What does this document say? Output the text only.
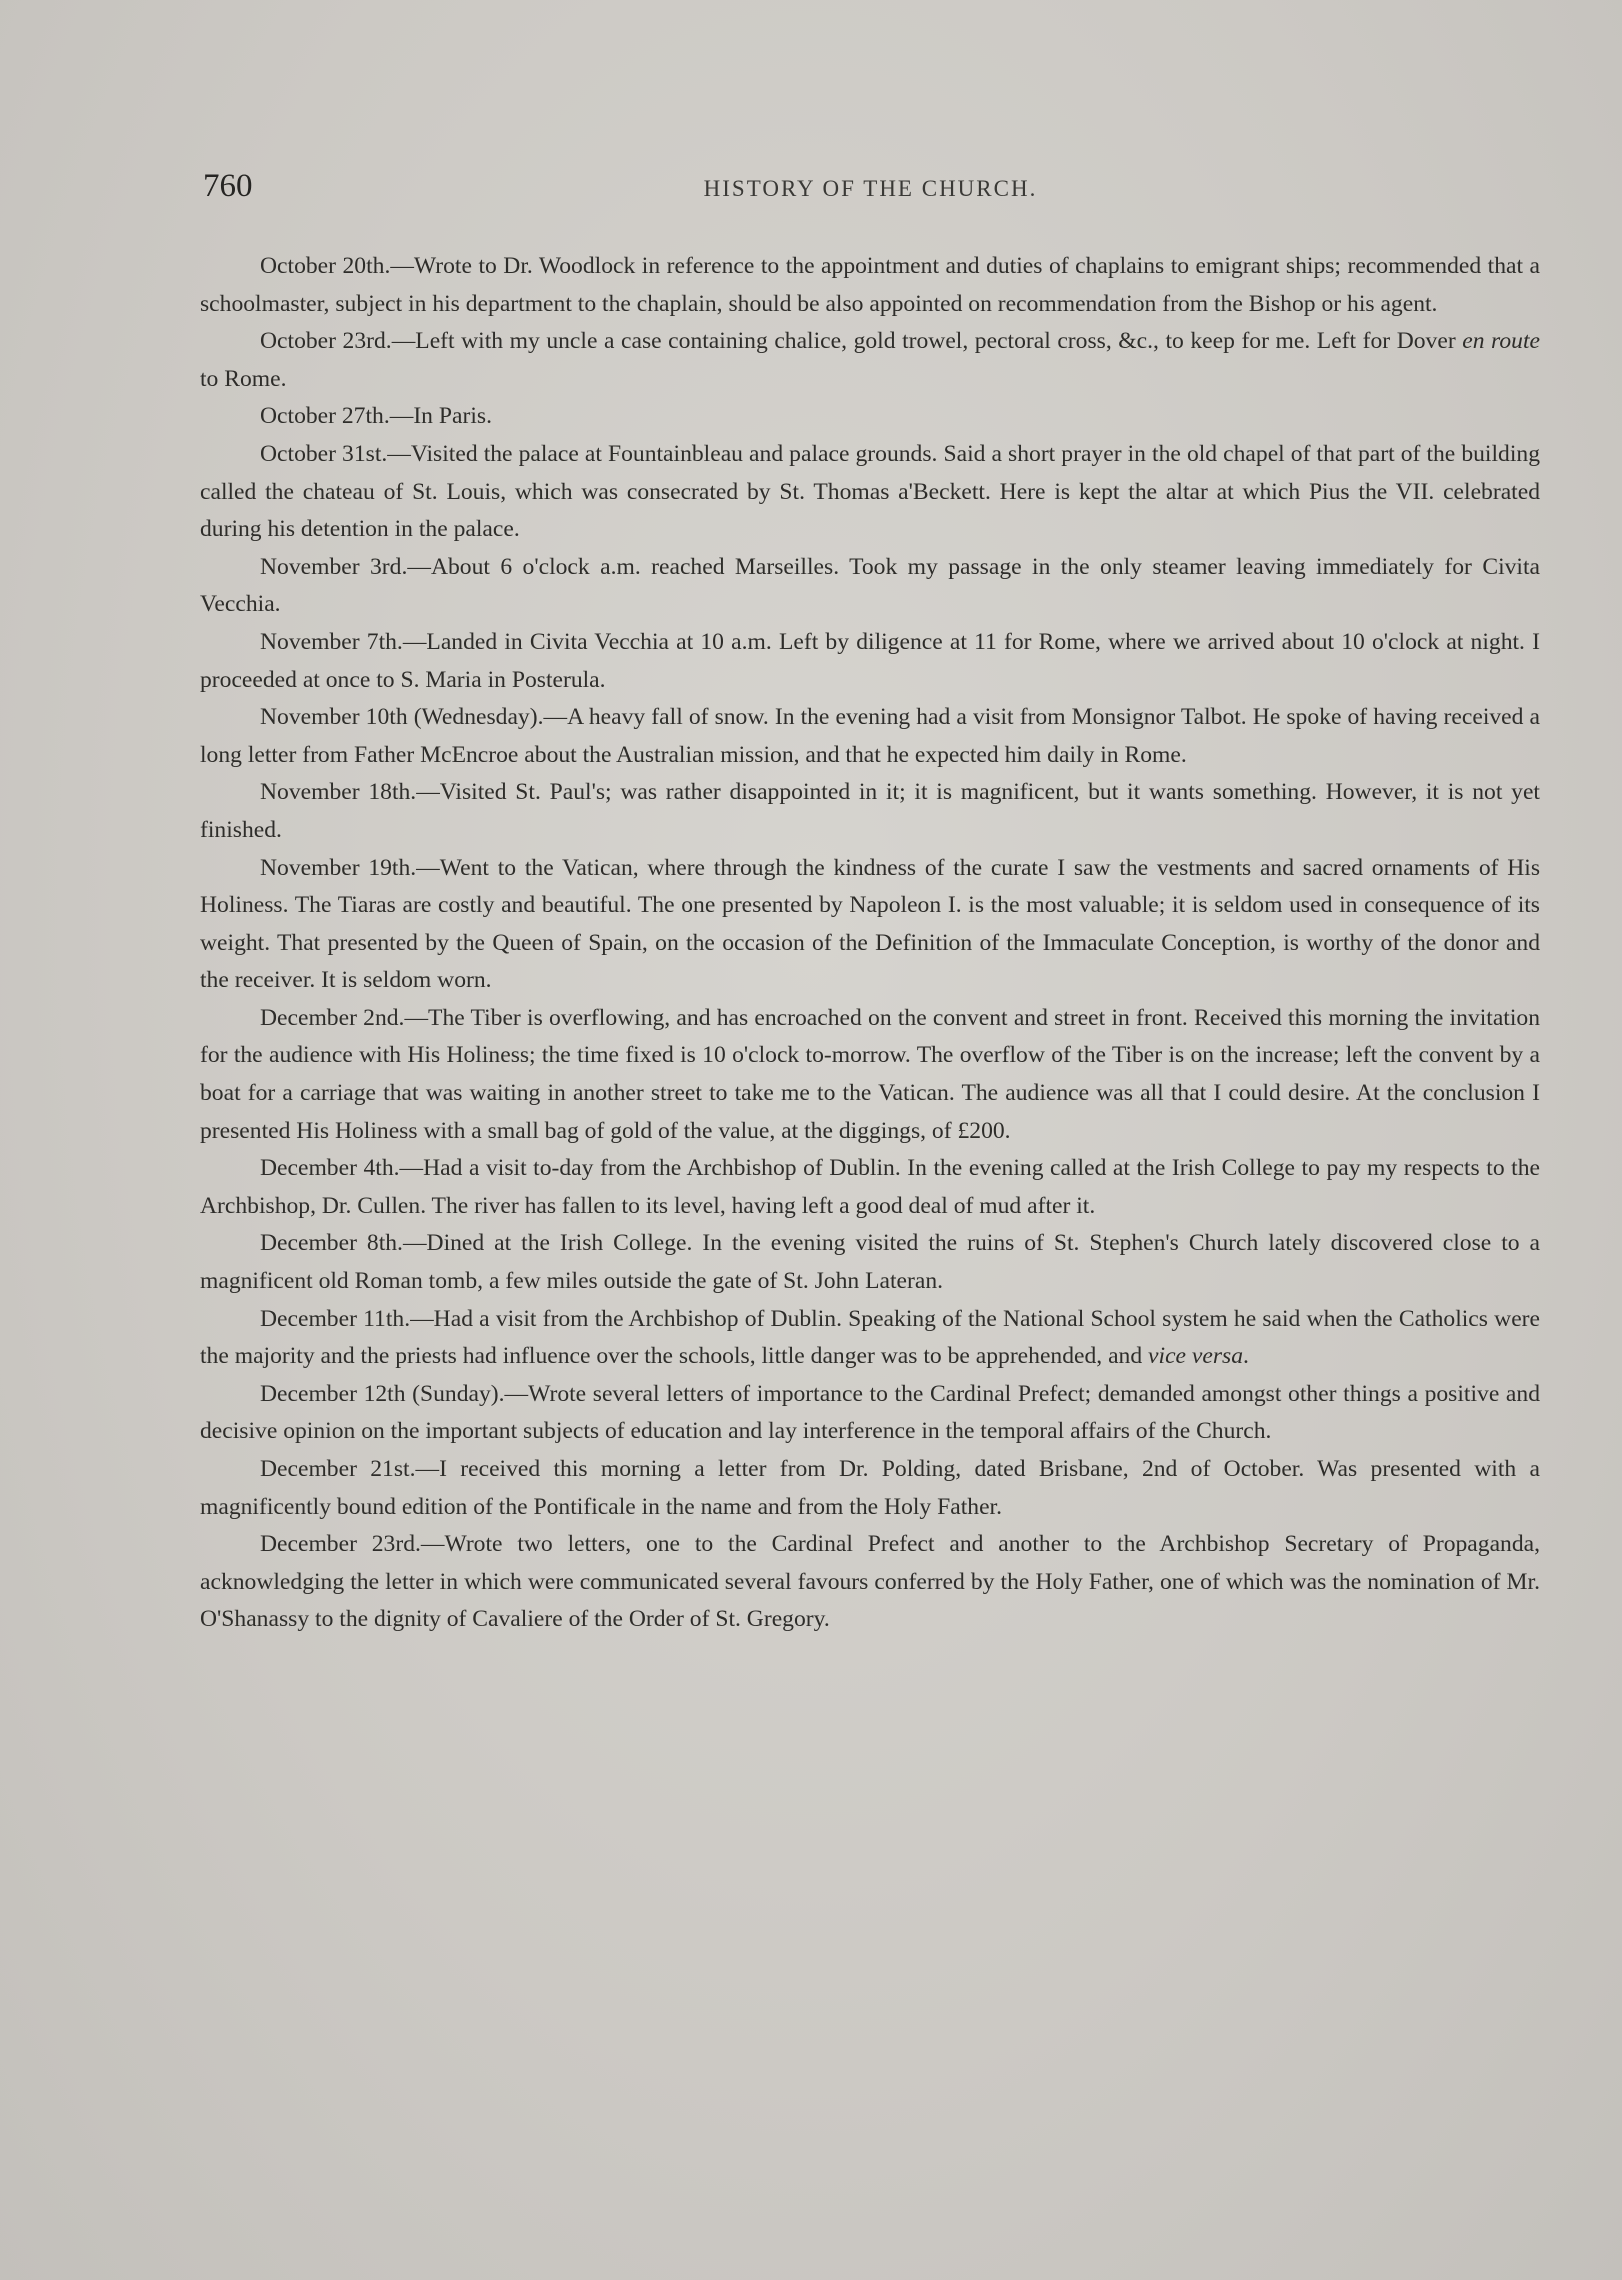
760	HISTORY OF THE CHURCH.

October 20th.—Wrote to Dr. Woodlock in reference to the appointment and duties of chaplains to emigrant ships; recommended that a schoolmaster, subject in his department to the chaplain, should be also appointed on recommendation from the Bishop or his agent.

October 23rd.—Left with my uncle a case containing chalice, gold trowel, pectoral cross, &c., to keep for me. Left for Dover en route to Rome.

October 27th.—In Paris.

October 31st.—Visited the palace at Fountainbleau and palace grounds. Said a short prayer in the old chapel of that part of the building called the chateau of St. Louis, which was consecrated by St. Thomas a'Beckett. Here is kept the altar at which Pius the VII. celebrated during his detention in the palace.

November 3rd.—About 6 o'clock a.m. reached Marseilles. Took my passage in the only steamer leaving immediately for Civita Vecchia.

November 7th.—Landed in Civita Vecchia at 10 a.m. Left by diligence at 11 for Rome, where we arrived about 10 o'clock at night. I proceeded at once to S. Maria in Posterula.

November 10th (Wednesday).—A heavy fall of snow. In the evening had a visit from Monsignor Talbot. He spoke of having received a long letter from Father McEncroe about the Australian mission, and that he expected him daily in Rome.

November 18th.—Visited St. Paul's; was rather disappointed in it; it is magnificent, but it wants something. However, it is not yet finished.

November 19th.—Went to the Vatican, where through the kindness of the curate I saw the vestments and sacred ornaments of His Holiness. The Tiaras are costly and beautiful. The one presented by Napoleon I. is the most valuable; it is seldom used in consequence of its weight. That presented by the Queen of Spain, on the occasion of the Definition of the Immaculate Conception, is worthy of the donor and the receiver. It is seldom worn.

December 2nd.—The Tiber is overflowing, and has encroached on the convent and street in front. Received this morning the invitation for the audience with His Holiness; the time fixed is 10 o'clock to-morrow. The overflow of the Tiber is on the increase; left the convent by a boat for a carriage that was waiting in another street to take me to the Vatican. The audience was all that I could desire. At the conclusion I presented His Holiness with a small bag of gold of the value, at the diggings, of £200.

December 4th.—Had a visit to-day from the Archbishop of Dublin. In the evening called at the Irish College to pay my respects to the Archbishop, Dr. Cullen. The river has fallen to its level, having left a good deal of mud after it.

December 8th.—Dined at the Irish College. In the evening visited the ruins of St. Stephen's Church lately discovered close to a magnificent old Roman tomb, a few miles outside the gate of St. John Lateran.

December 11th.—Had a visit from the Archbishop of Dublin. Speaking of the National School system he said when the Catholics were the majority and the priests had influence over the schools, little danger was to be apprehended, and vice versa.

December 12th (Sunday).—Wrote several letters of importance to the Cardinal Prefect; demanded amongst other things a positive and decisive opinion on the important subjects of education and lay interference in the temporal affairs of the Church.

December 21st.—I received this morning a letter from Dr. Polding, dated Brisbane, 2nd of October. Was presented with a magnificently bound edition of the Pontificale in the name and from the Holy Father.

December 23rd.—Wrote two letters, one to the Cardinal Prefect and another to the Archbishop Secretary of Propaganda, acknowledging the letter in which were communicated several favours conferred by the Holy Father, one of which was the nomination of Mr. O'Shanassy to the dignity of Cavaliere of the Order of St. Gregory.
